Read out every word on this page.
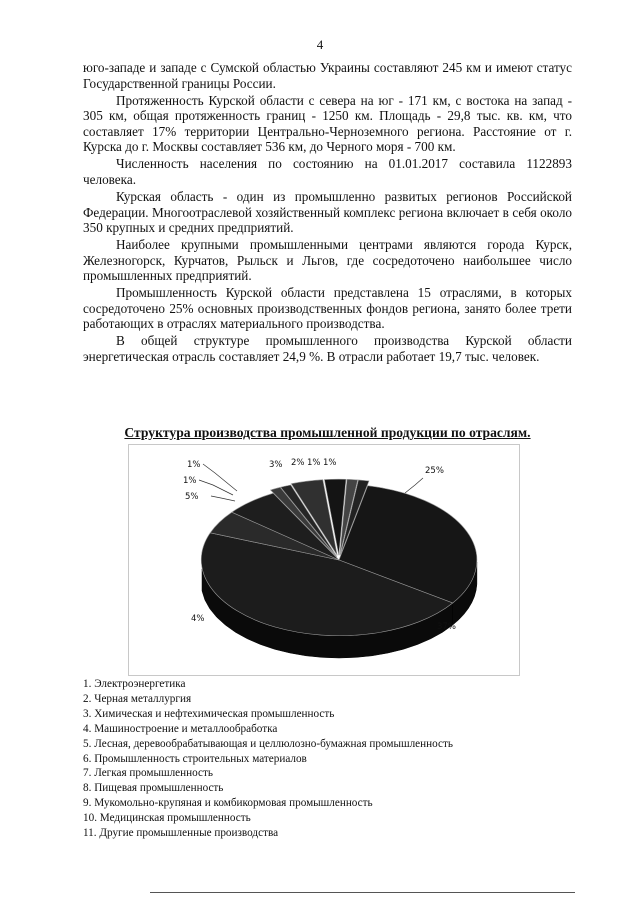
4

юго-западе и западе с Сумской областью Украины составляют 245 км и имеют статус Государственной границы России.

Протяженность Курской области с севера на юг - 171 км, с востока на запад - 305 км, общая протяженность границ - 1250 км. Площадь - 29,8 тыс. кв. км, что составляет 17% территории Центрально-Черноземного региона. Расстояние от г. Курска до г. Москвы составляет 536 км, до Черного моря - 700 км.

Численность населения по состоянию на 01.01.2017 составила 1122893 человека.

Курская область - один из промышленно развитых регионов Российской Федерации. Многоотраслевой хозяйственный комплекс региона включает в себя около 350 крупных и средних предприятий.

Наиболее крупными промышленными центрами являются города Курск, Железногорск, Курчатов, Рыльск и Льгов, где сосредоточено наибольшее число промышленных предприятий.

Промышленность Курской области представлена 15 отраслями, в которых сосредоточено 25% основных производственных фондов региона, занято более трети работающих в отраслях материального производства.

В общей структуре промышленного производства Курской области энергетическая отрасль составляет 24,9 %. В отрасли работает 19,7 тыс. человек.

Структура производства промышленной продукции по отраслям.
25%
37%
4%
5%
1%
1%	3% 2% 1% 1%
1. Электроэнергетика
2. Черная металлургия
3. Химическая и нефтехимическая промышленность
4. Машиностроение и металлообработка
5. Лесная, деревообрабатывающая и целлюлозно-бумажная промышленность
6. Промышленность строительных материалов
7. Легкая промышленность
8. Пищевая промышленность
9. Мукомольно-крупяная и комбикормовая промышленность
10. Медицинская промышленность
11. Другие промышленные производства
